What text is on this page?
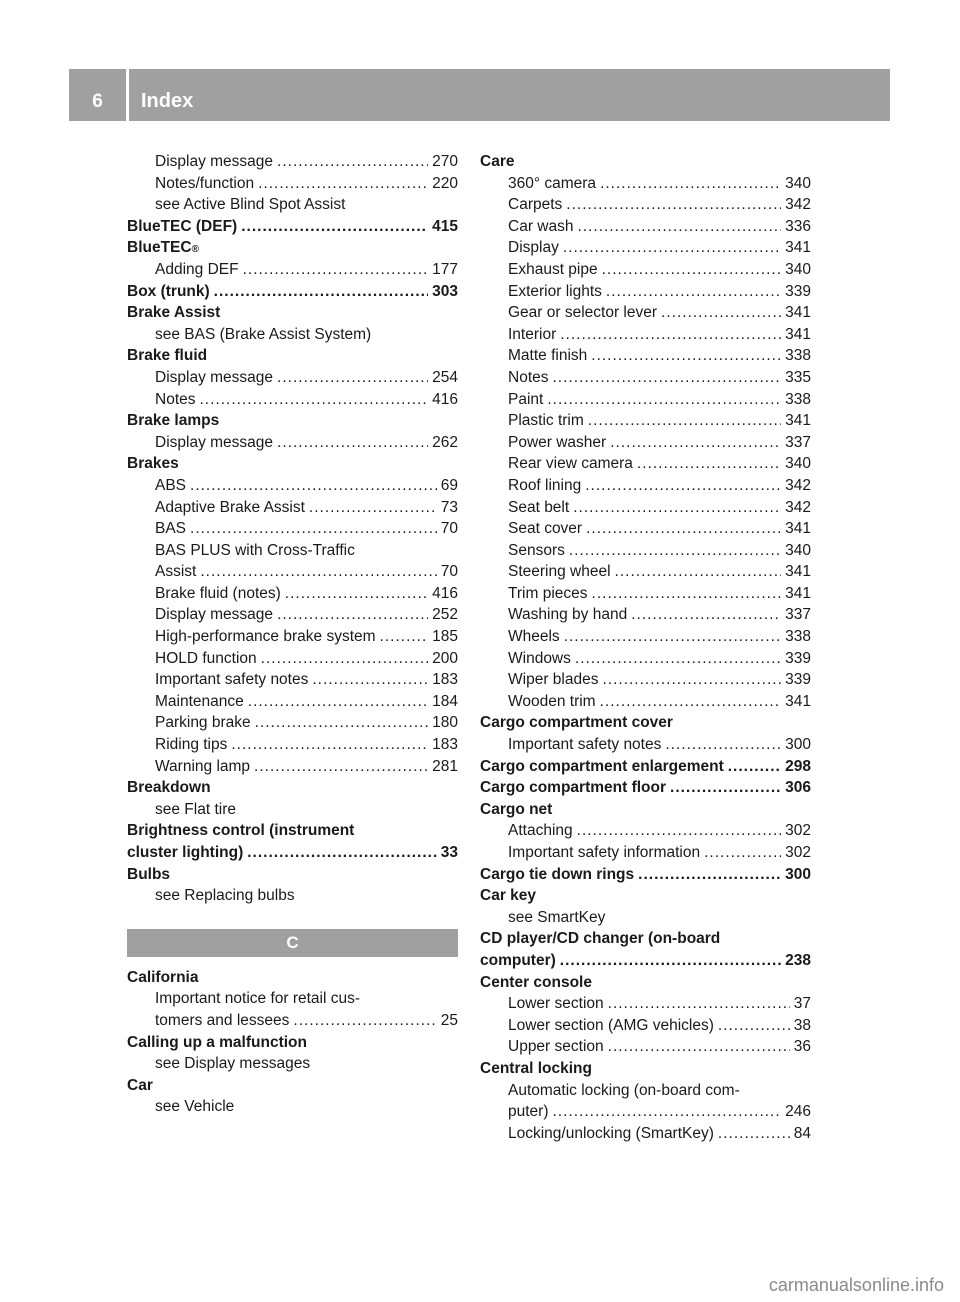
6	Index
Display message .....	270
Notes/function .....	220
see Active Blind Spot Assist
BlueTEC (DEF) .....	415
BlueTEC ®
Adding DEF .....	177
Box (trunk) .....	303
Brake Assist
see BAS (Brake Assist System)
Brake fluid
Display message .....	254
Notes .....	416
Brake lamps
Display message .....	262
Brakes
ABS .....	69
Adaptive Brake Assist .....	73
BAS .....	70
BAS PLUS with Cross-Traffic
Assist .....	70
Brake fluid (notes) .....	416
Display message .....	252
High-performance brake system .....	185
HOLD function .....	200
Important safety notes .....	183
Maintenance .....	184
Parking brake .....	180
Riding tips .....	183
Warning lamp .....	281
Breakdown
see Flat tire
Brightness control (instrument
cluster lighting) .....	33
Bulbs
see Replacing bulbs
C
California
Important notice for retail cus-
tomers and lessees .....	25
Calling up a malfunction
see Display messages
Car
see Vehicle
Care
360° camera .....	340
Carpets .....	342
Car wash .....	336
Display .....	341
Exhaust pipe .....	340
Exterior lights .....	339
Gear or selector lever .....	341
Interior .....	341
Matte finish .....	338
Notes .....	335
Paint .....	338
Plastic trim .....	341
Power washer .....	337
Rear view camera .....	340
Roof lining .....	342
Seat belt .....	342
Seat cover .....	341
Sensors .....	340
Steering wheel .....	341
Trim pieces .....	341
Washing by hand .....	337
Wheels .....	338
Windows .....	339
Wiper blades .....	339
Wooden trim .....	341
Cargo compartment cover
Important safety notes .....	300
Cargo compartment enlargement .....	298
Cargo compartment floor .....	306
Cargo net
Attaching .....	302
Important safety information .....	302
Cargo tie down rings .....	300
Car key
see SmartKey
CD player/CD changer (on-board
computer) .....	238
Center console
Lower section .....	37
Lower section (AMG vehicles) .....	38
Upper section .....	36
Central locking
Automatic locking (on-board com-
puter) .....	246
Locking/unlocking (SmartKey) .....	84
carmanualsonline.info
